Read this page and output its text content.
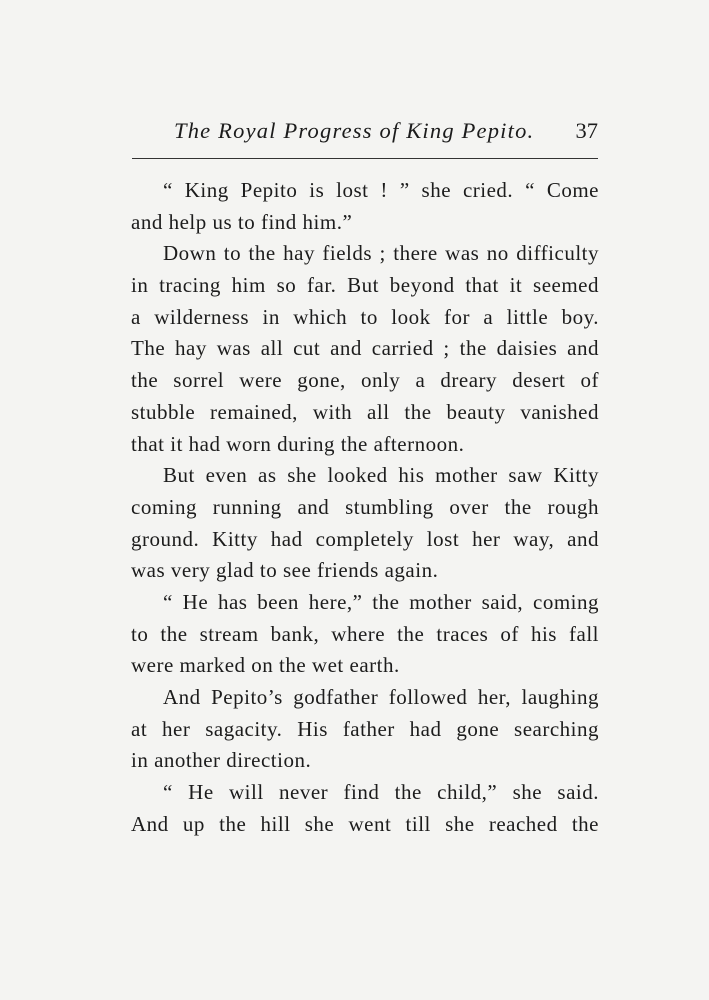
The Royal Progress of King Pepito. 37
“ King Pepito is lost ! ” she cried. “ Come
and help us to find him.”
Down to the hay fields ; there was no difficulty
in tracing him so far. But beyond that it seemed
a wilderness in which to look for a little boy.
The hay was all cut and carried ; the daisies and
the sorrel were gone, only a dreary desert of
stubble remained, with all the beauty vanished
that it had worn during the afternoon.
But even as she looked his mother saw Kitty
coming running and stumbling over the rough
ground. Kitty had completely lost her way, and
was very glad to see friends again.
“ He has been here,” the mother said, coming
to the stream bank, where the traces of his fall
were marked on the wet earth.
And Pepito’s godfather followed her, laughing
at her sagacity. His father had gone searching
in another direction.
“ He will never find the child,” she said.
And up the hill she went till she reached the
